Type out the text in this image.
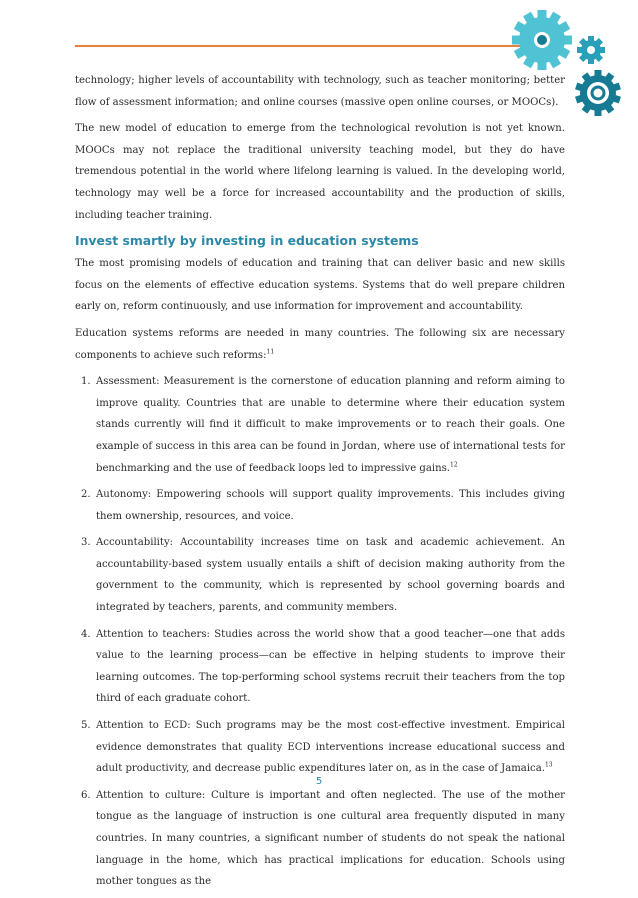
technology; higher levels of accountability with technology, such as teacher monitoring; better flow of assessment information; and online courses (massive open online courses, or MOOCs).

The new model of education to emerge from the technological revolution is not yet known. MOOCs may not replace the traditional university teaching model, but they do have tremendous potential in the world where lifelong learning is valued. In the developing world, technology may well be a force for increased accountability and the production of skills, including teacher training.

Invest smartly by investing in education systems

The most promising models of education and training that can deliver basic and new skills focus on the elements of effective education systems. Systems that do well prepare children early on, reform continuously, and use information for improvement and accountability.

Education systems reforms are needed in many countries. The following six are necessary components to achieve such reforms:$^{11}$

1. Assessment: Measurement is the cornerstone of education planning and reform aiming to improve quality. Countries that are unable to determine where their education system stands currently will find it difficult to make improvements or to reach their goals. One example of success in this area can be found in Jordan, where use of international tests for benchmarking and the use of feedback loops led to impressive gains.$^{12}$
2. Autonomy: Empowering schools will support quality improvements. This includes giving them ownership, resources, and voice.
3. Accountability: Accountability increases time on task and academic achievement. An accountability-based system usually entails a shift of decision making authority from the government to the community, which is represented by school governing boards and integrated by teachers, parents, and community members.
4. Attention to teachers: Studies across the world show that a good teacher—one that adds value to the learning process—can be effective in helping students to improve their learning outcomes. The top-performing school systems recruit their teachers from the top third of each graduate cohort.
5. Attention to ECD: Such programs may be the most cost-effective investment. Empirical evidence demonstrates that quality ECD interventions increase educational success and adult productivity, and decrease public expenditures later on, as in the case of Jamaica.$^{13}$
6. Attention to culture: Culture is important and often neglected. The use of the mother tongue as the language of instruction is one cultural area frequently disputed in many countries. In many countries, a significant number of students do not speak the national language in the home, which has practical implications for education. Schools using mother tongues as the
5
